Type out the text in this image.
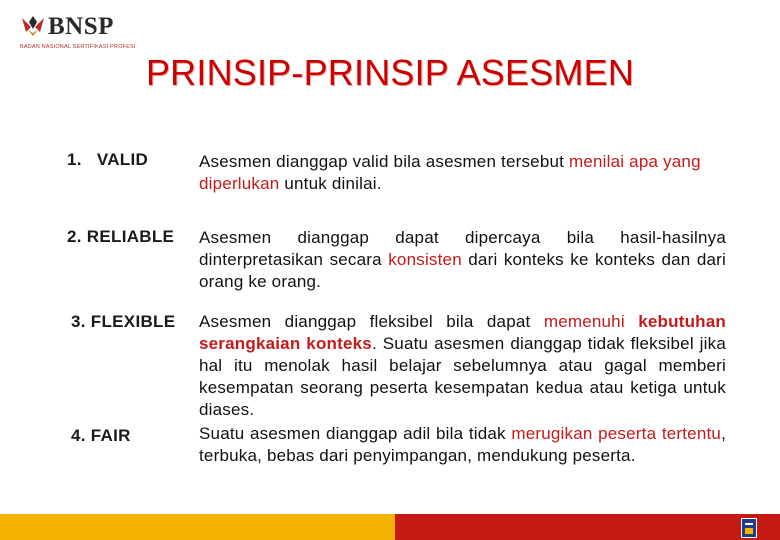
BNSP
BADAN NASIONAL SERTIFIKASI PROFESI
PRINSIP-PRINSIP ASESMEN
1.   VALID	Asesmen dianggap valid bila asesmen tersebut menilai apa yang diperlukan untuk dinilai.
2. RELIABLE Asesmen dianggap dapat dipercaya bila hasil-hasilnya dinterpretasikan secara konsisten dari konteks ke konteks dan dari orang ke orang.
3. FLEXIBLE Asesmen dianggap fleksibel bila dapat memenuhi kebutuhan serangkaian konteks. Suatu asesmen dianggap tidak fleksibel jika hal itu menolak hasil belajar sebelumnya atau gagal memberi kesempatan seorang peserta kesempatan kedua atau ketiga untuk diases.
4. FAIR	Suatu asesmen dianggap adil bila tidak merugikan peserta tertentu, terbuka, bebas dari penyimpangan, mendukung peserta.
